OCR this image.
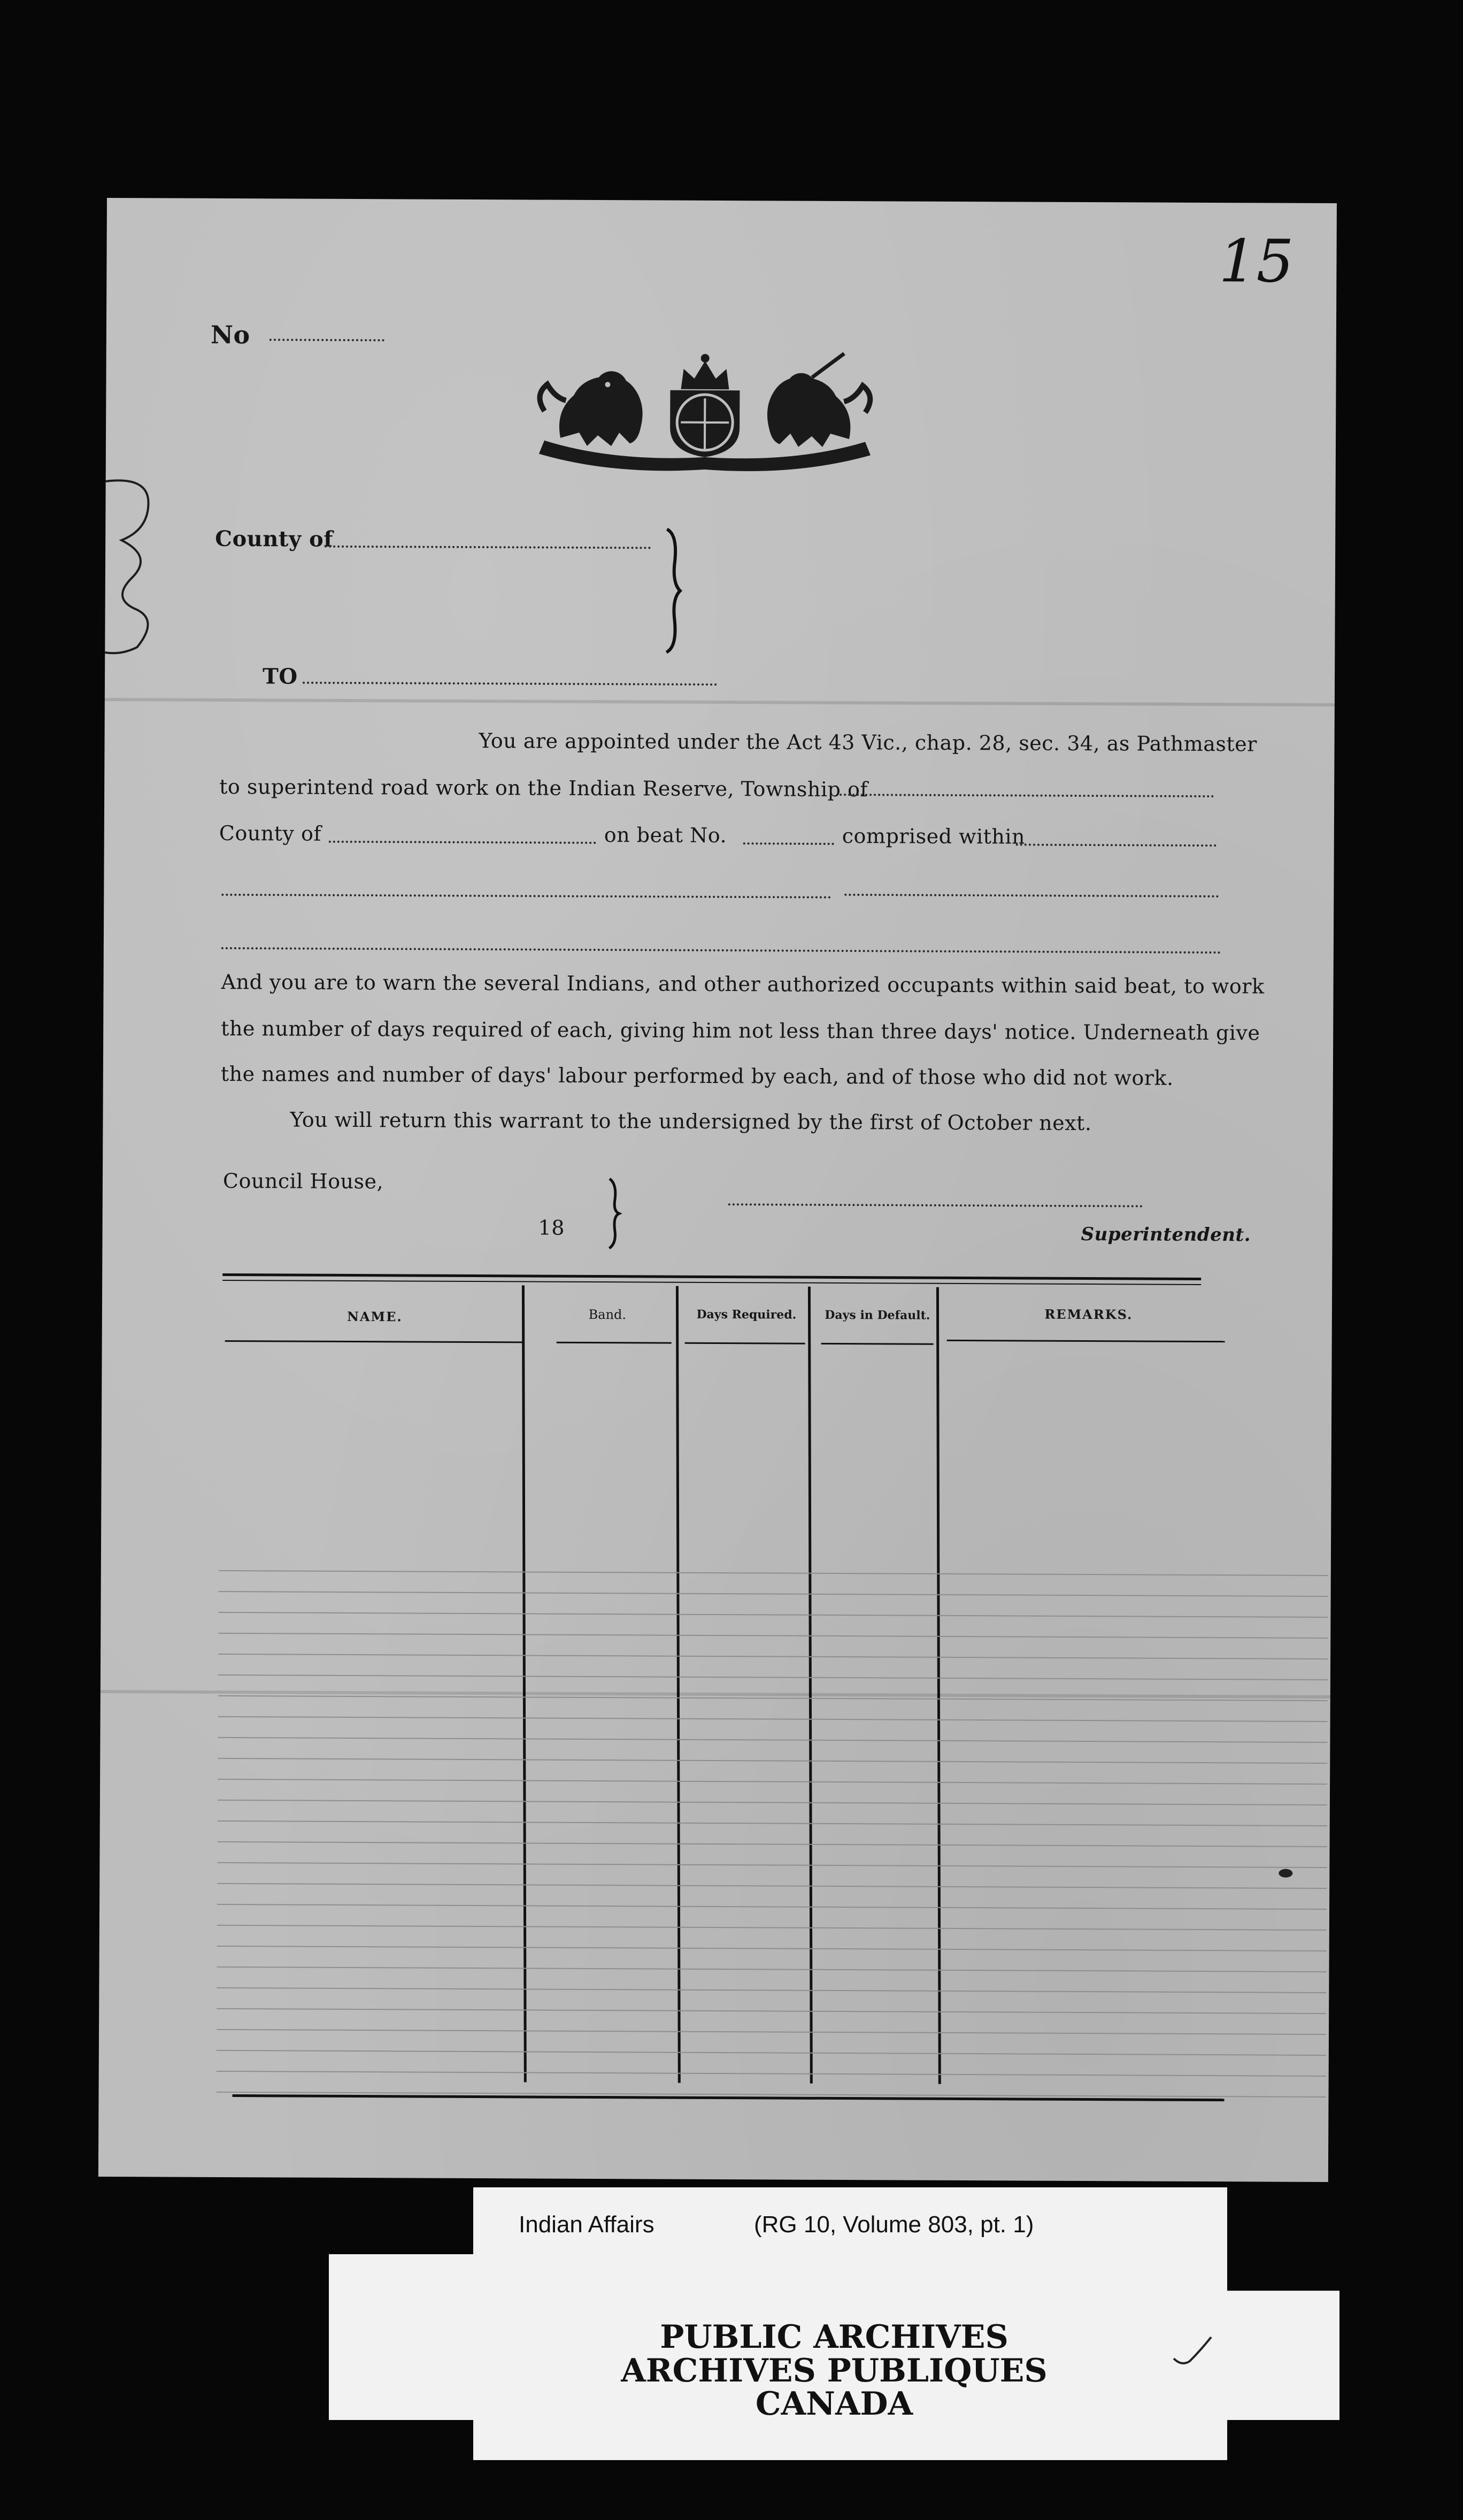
15
No
County of
TO
You are appointed under the Act 43 Vic., chap. 28, sec. 34, as Pathmaster
to superintend road work on the Indian Reserve, Township of
County of	on beat No.	comprised within
And you are to warn the several Indians, and other authorized occupants within said beat, to work
the number of days required of each, giving him not less than three days' notice. Underneath give
the names and number of days' labour performed by each, and of those who did not work.
You will return this warrant to the undersigned by the first of October next.
Council House,
18	Superintendent.
NAME.	Band.	Days Required.	Days in Default.	REMARKS.
Indian Affairs	(RG 10, Volume 803, pt. 1)
PUBLIC ARCHIVES
ARCHIVES PUBLIQUES
CANADA
